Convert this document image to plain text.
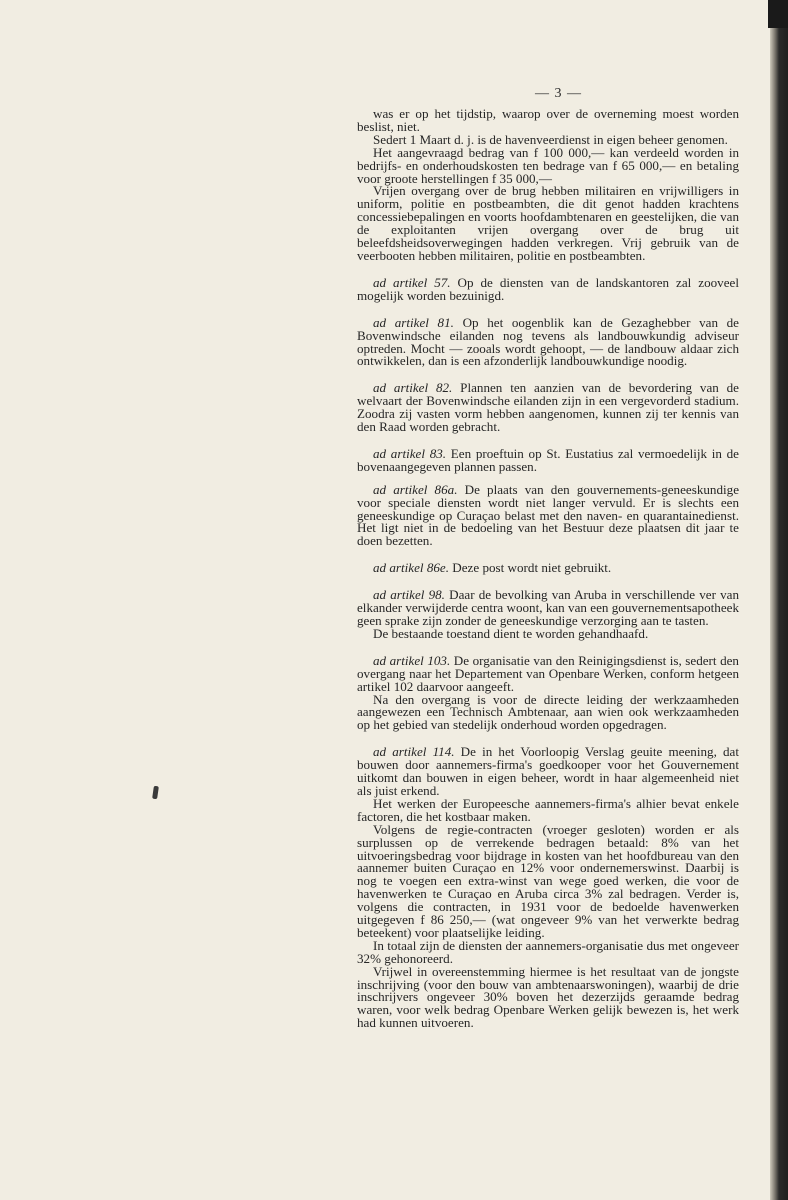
— 3 —

was er op het tijdstip, waarop over de overneming moest worden beslist, niet.

Sedert 1 Maart d. j. is de havenveerdienst in eigen beheer genomen.

Het aangevraagd bedrag van f 100 000,— kan verdeeld worden in bedrijfs- en onderhoudskosten ten bedrage van f 65 000,— en betaling voor groote herstellingen f 35 000,—

Vrijen overgang over de brug hebben militairen en vrijwilligers in uniform, politie en postbeambten, die dit genot hadden krachtens concessiebepalingen en voorts hoofdambtenaren en geestelijken, die van de exploitanten vrijen overgang over de brug uit beleefdsheidsoverwegingen hadden verkregen. Vrij gebruik van de veerbooten hebben militairen, politie en postbeambten.

ad artikel 57. Op de diensten van de landskantoren zal zooveel mogelijk worden bezuinigd.

ad artikel 81. Op het oogenblik kan de Gezaghebber van de Bovenwindsche eilanden nog tevens als landbouwkundig adviseur optreden. Mocht — zooals wordt gehoopt, — de landbouw aldaar zich ontwikkelen, dan is een afzonderlijk landbouwkundige noodig.

ad artikel 82. Plannen ten aanzien van de bevordering van de welvaart der Bovenwindsche eilanden zijn in een vergevorderd stadium. Zoodra zij vasten vorm hebben aangenomen, kunnen zij ter kennis van den Raad worden gebracht.

ad artikel 83. Een proeftuin op St. Eustatius zal vermoedelijk in de bovenaangegeven plannen passen.

ad artikel 86a. De plaats van den gouvernements-geneeskundige voor speciale diensten wordt niet langer vervuld. Er is slechts een geneeskundige op Curaçao belast met den naven- en quarantainedienst. Het ligt niet in de bedoeling van het Bestuur deze plaatsen dit jaar te doen bezetten.

ad artikel 86e. Deze post wordt niet gebruikt.

ad artikel 98. Daar de bevolking van Aruba in verschillende ver van elkander verwijderde centra woont, kan van een gouvernementsapotheek geen sprake zijn zonder de geneeskundige verzorging aan te tasten.

De bestaande toestand dient te worden gehandhaafd.

ad artikel 103. De organisatie van den Reinigingsdienst is, sedert den overgang naar het Departement van Openbare Werken, conform hetgeen artikel 102 daarvoor aangeeft.

Na den overgang is voor de directe leiding der werkzaamheden aangewezen een Technisch Ambtenaar, aan wien ook werkzaamheden op het gebied van stedelijk onderhoud worden opgedragen.

ad artikel 114. De in het Voorloopig Verslag geuite meening, dat bouwen door aannemers-firma's goedkooper voor het Gouvernement uitkomt dan bouwen in eigen beheer, wordt in haar algemeenheid niet als juist erkend.

Het werken der Europeesche aannemers-firma's alhier bevat enkele factoren, die het kostbaar maken.

Volgens de regie-contracten (vroeger gesloten) worden er als surplussen op de verrekende bedragen betaald: 8% van het uitvoeringsbedrag voor bijdrage in kosten van het hoofdbureau van den aannemer buiten Curaçao en 12% voor ondernemerswinst. Daarbij is nog te voegen een extra-winst van wege goed werken, die voor de havenwerken te Curaçao en Aruba circa 3% zal bedragen. Verder is, volgens die contracten, in 1931 voor de bedoelde havenwerken uitgegeven f 86 250,— (wat ongeveer 9% van het verwerkte bedrag beteekent) voor plaatselijke leiding.

In totaal zijn de diensten der aannemers-organisatie dus met ongeveer 32% gehonoreerd.

Vrijwel in overeenstemming hiermee is het resultaat van de jongste inschrijving (voor den bouw van ambtenaarswoningen), waarbij de drie inschrijvers ongeveer 30% boven het dezerzijds geraamde bedrag waren, voor welk bedrag Openbare Werken gelijk bewezen is, het werk had kunnen uitvoeren.
